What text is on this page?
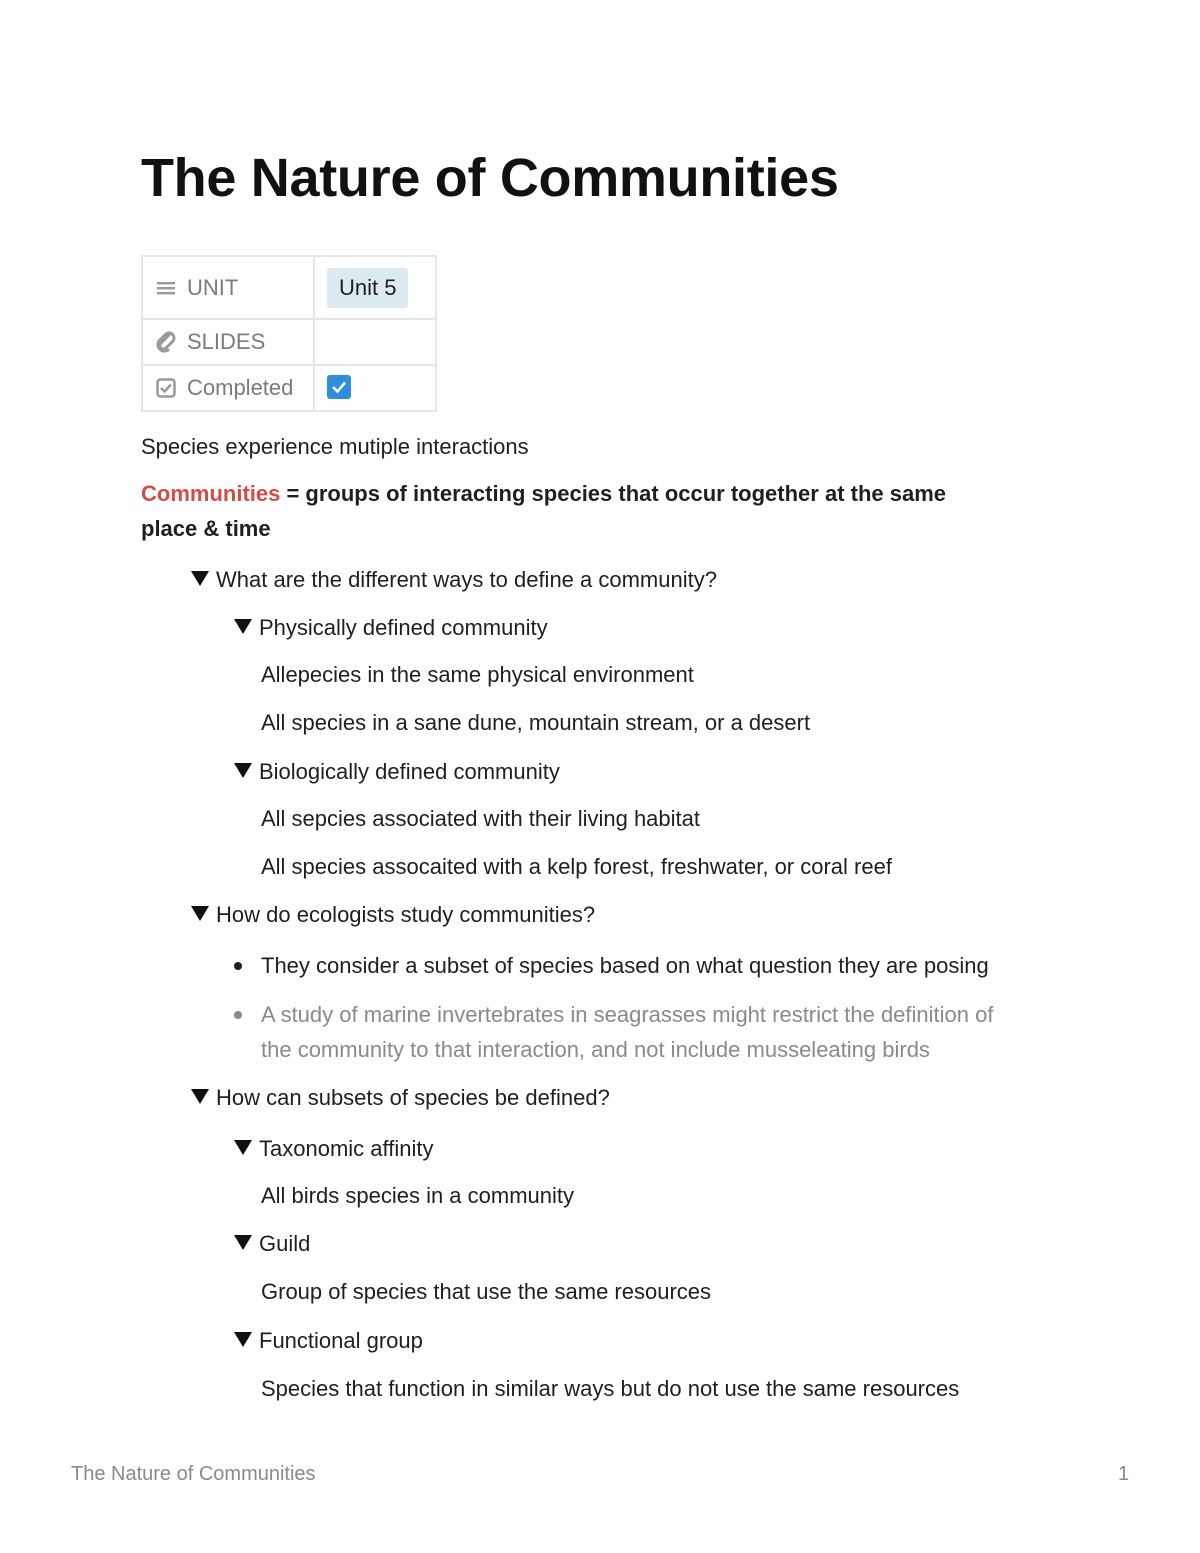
The Nature of Communities
UNIT	Unit 5

SLIDES	

Completed

Species experience mutiple interactions
Communities = groups of interacting species that occur together at the same
place & time
What are the different ways to define a community?
Physically defined community
Allepecies in the same physical environment
All species in a sane dune, mountain stream, or a desert
Biologically defined community
All sepcies associated with their living habitat
All species assocaited with a kelp forest, freshwater, or coral reef
How do ecologists study communities?
They consider a subset of species based on what question they are posing
A study of marine invertebrates in seagrasses might restrict the definition of
the community to that interaction, and not include musseleating birds
How can subsets of species be defined?
Taxonomic affinity
All birds species in a community
Guild
Group of species that use the same resources
Functional group
Species that function in similar ways but do not use the same resources
The Nature of Communities	1
